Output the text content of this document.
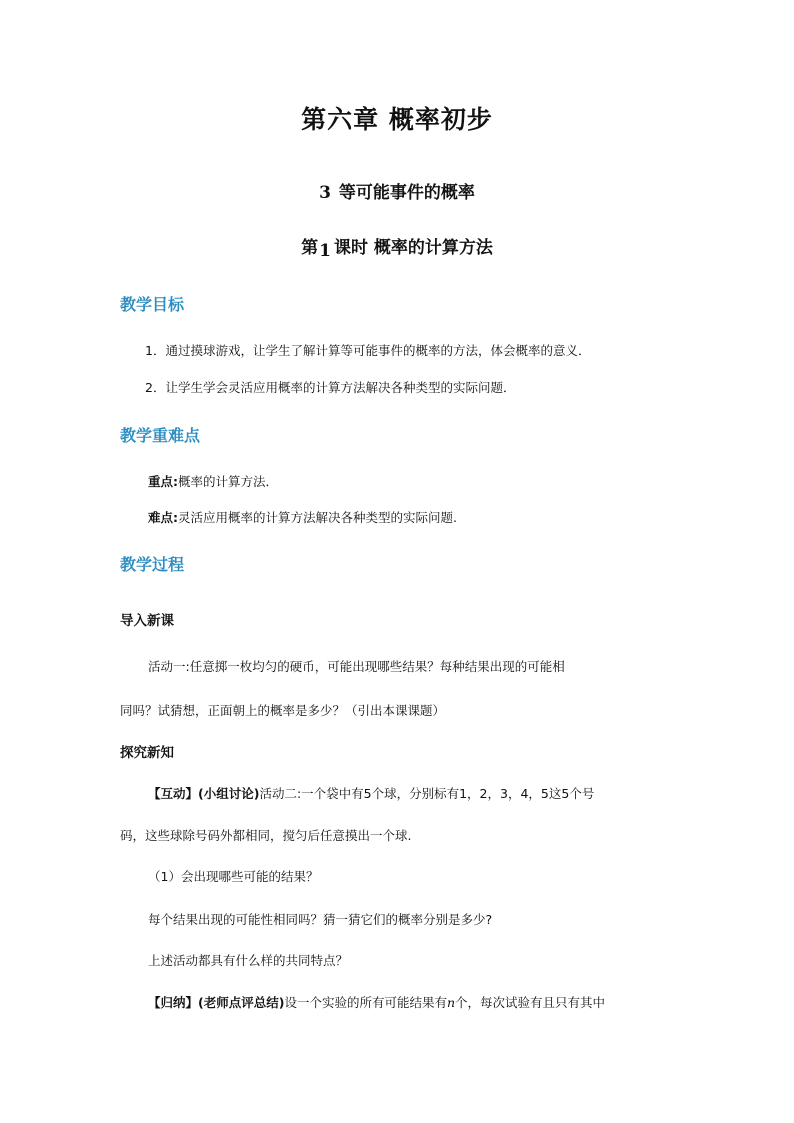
第六章 概率初步
3 等可能事件的概率
第1 课时 概率的计算方法
教学目标
1．通过摸球游戏，让学生了解计算等可能事件的概率的方法，体会概率的意义．
2．让学生学会灵活应用概率的计算方法解决各种类型的实际问题．
教学重难点
重点:概率的计算方法．
难点:灵活应用概率的计算方法解决各种类型的实际问题.
教学过程
导入新课
活动一:任意掷一枚均匀的硬币，可能出现哪些结果？每种结果出现的可能相
同吗？试猜想，正面朝上的概率是多少？（引出本课课题）
探究新知
【互动】(小组讨论)活动二:一个袋中有5个球，分别标有1，2，3，4，5这5个号
码，这些球除号码外都相同，搅匀后任意摸出一个球.
（1）会出现哪些可能的结果？
每个结果出现的可能性相同吗？猜一猜它们的概率分别是多少?
上述活动都具有什么样的共同特点？
【归纳】(老师点评总结)设一个实验的所有可能结果有n个，每次试验有且只有其中
